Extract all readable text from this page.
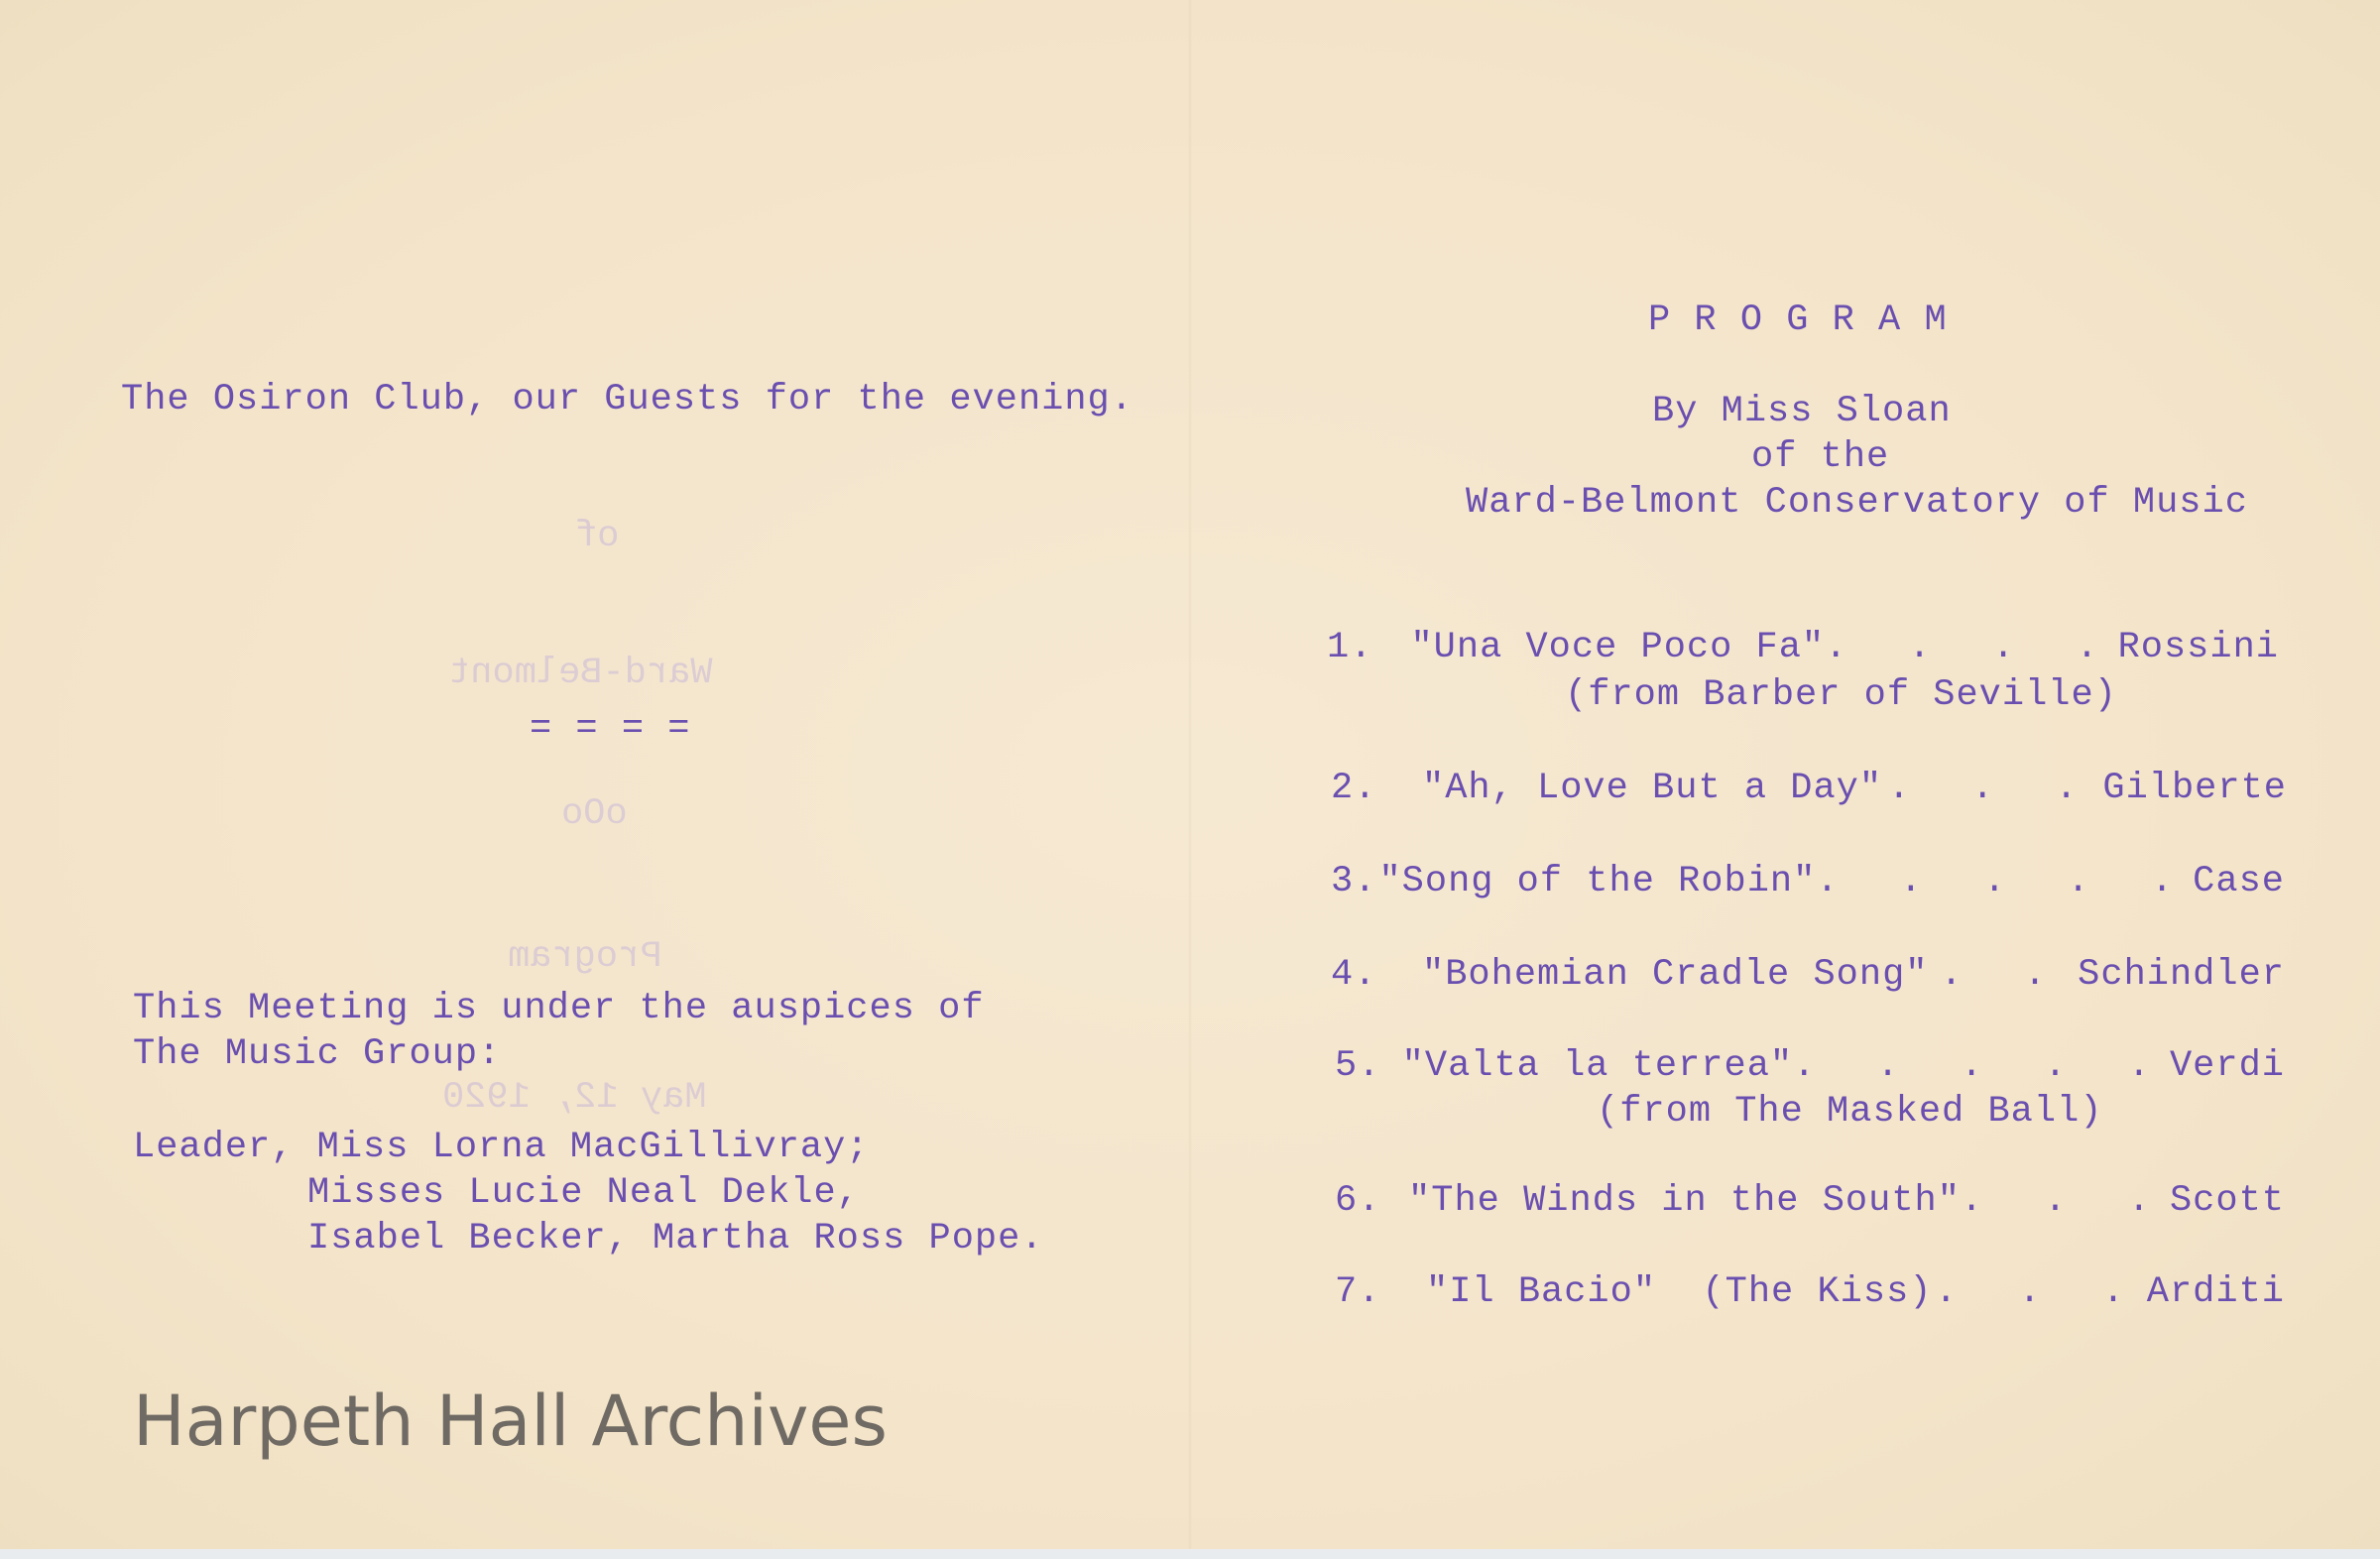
The Osiron Club, our Guests for the evening.
of
Ward-Belmont
= = = =
oOo
Program
May 12, 1920
This Meeting is under the auspices of
The Music Group:
Leader, Miss Lorna MacGillivray;
Misses Lucie Neal Dekle,
Isabel Becker, Martha Ross Pope.
P R O G R A M
By Miss Sloan
of the
Ward-Belmont Conservatory of Music
1.	"Una Voce Poco Fa" . . . . Rossini
(from Barber of Seville)
2.	"Ah, Love But a Day" . . . Gilberte
3. "Song of the Robin" . . . . . Case
4.	"Bohemian Cradle Song" . . Schindler
5. "Valta la terrea" . . . . . Verdi
(from The Masked Ball)
6. "The Winds in the South" . . . Scott
7.	"Il Bacio"  (The Kiss) . . . Arditi
Harpeth Hall Archives
